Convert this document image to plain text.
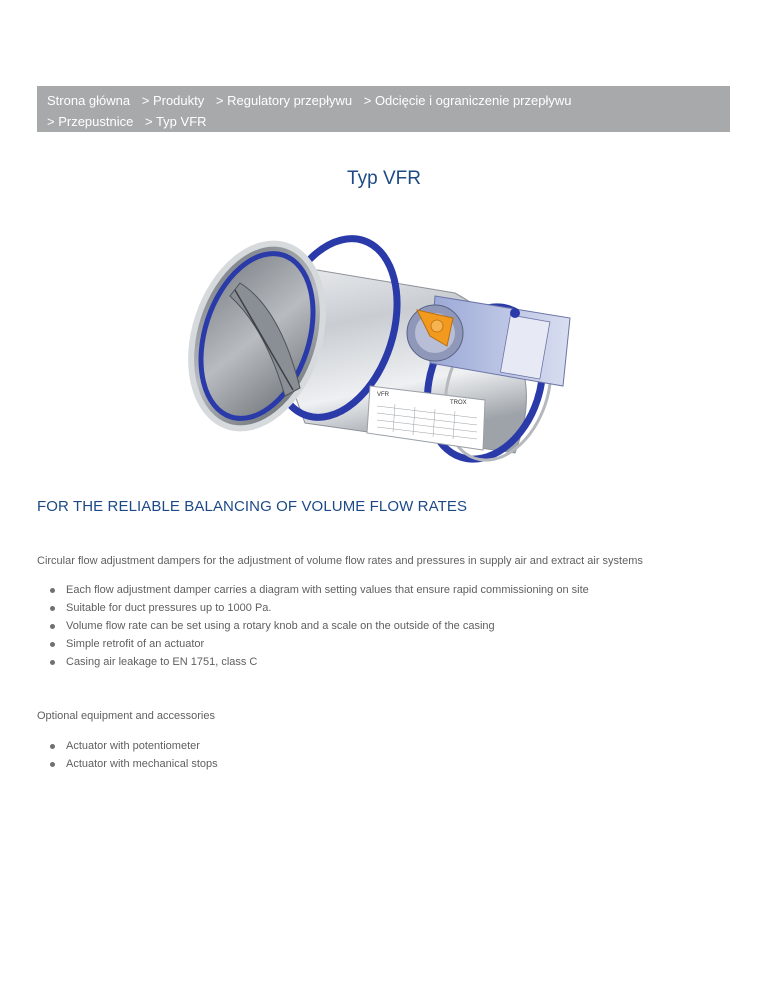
Strona główna > Produkty > Regulatory przepływu > Odcięcie i ograniczenie przepływu
> Przepustnice > Typ VFR
Typ VFR
VFR
TROX
FOR THE RELIABLE BALANCING OF VOLUME FLOW RATES

Circular flow adjustment dampers for the adjustment of volume flow rates and pressures in supply air and extract air systems

Each flow adjustment damper carries a diagram with setting values that ensure rapid commissioning on site
Suitable for duct pressures up to 1000 Pa.
Volume flow rate can be set using a rotary knob and a scale on the outside of the casing
Simple retrofit of an actuator
Casing air leakage to EN 1751, class C

Optional equipment and accessories

Actuator with potentiometer
Actuator with mechanical stops
